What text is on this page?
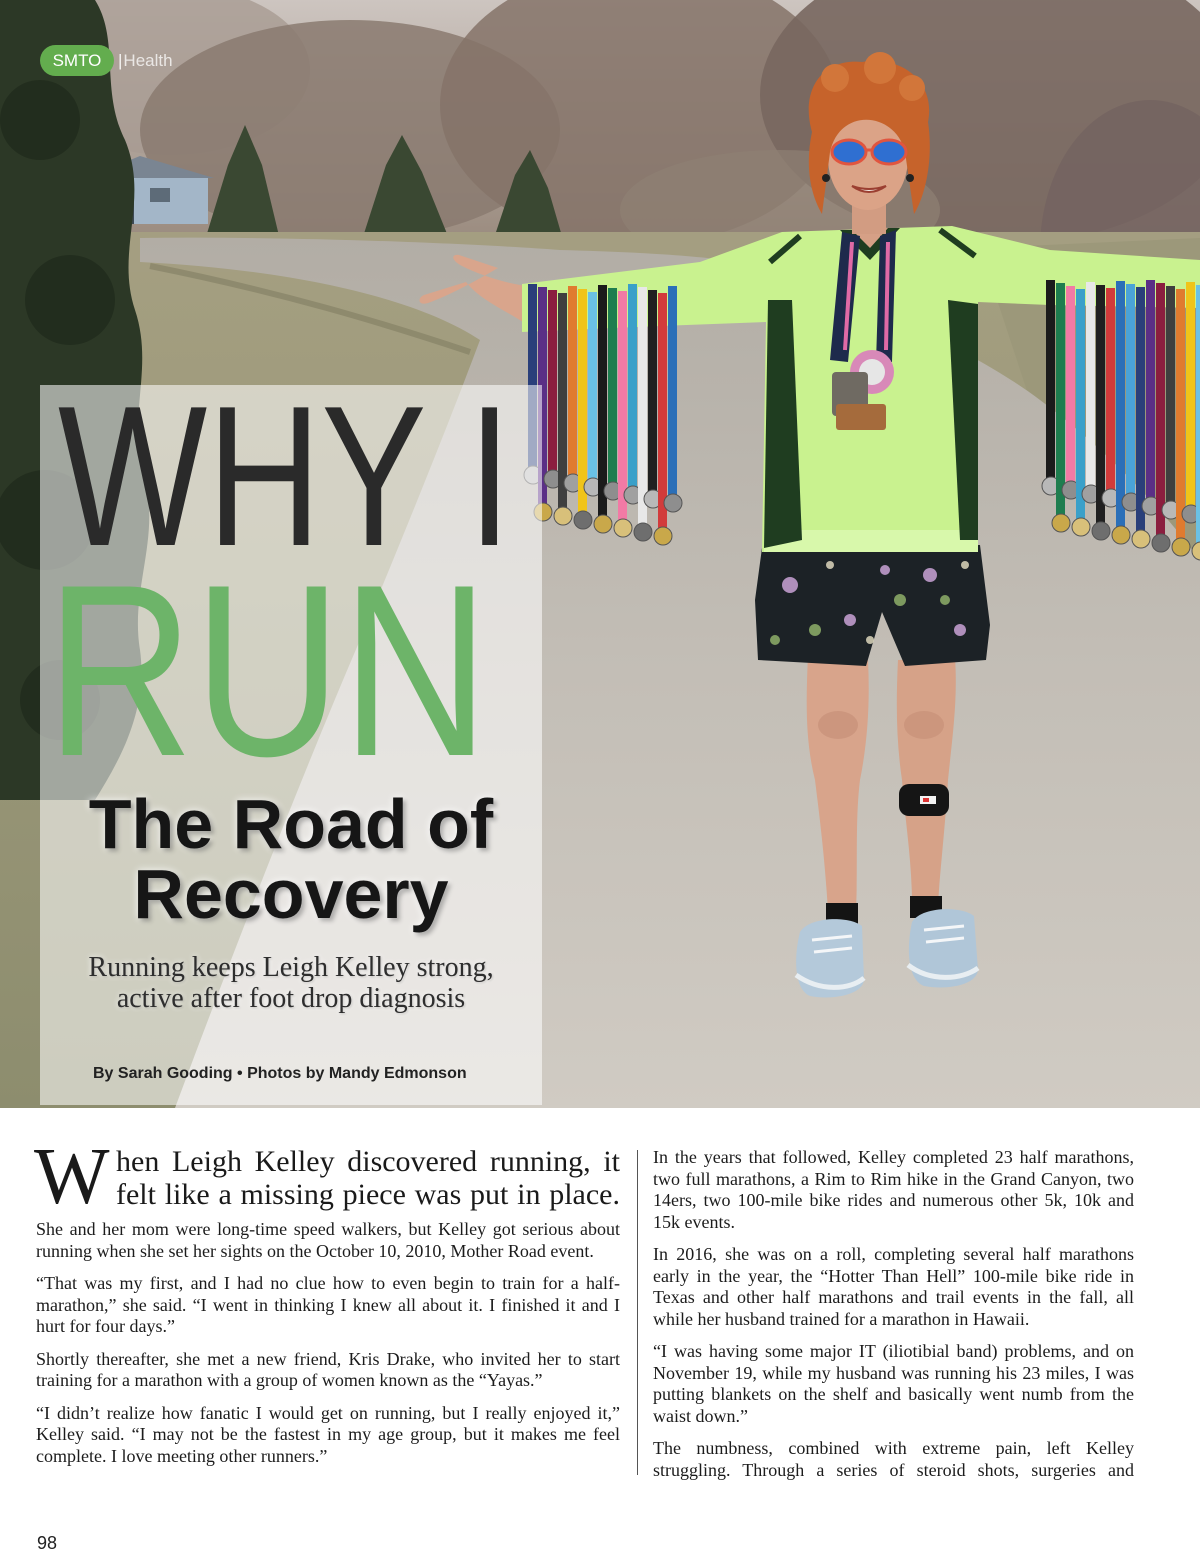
SMTO | Health
WHY I
RUN
The Road of
Recovery
Running keeps Leigh Kelley strong,
active after foot drop diagnosis
By Sarah Gooding • Photos by Mandy Edmonson
W hen Leigh Kelley discovered running, it
felt like a missing piece was put in place.

She and her mom were long-time speed walkers, but Kelley got serious about running when she set her sights on the October 10, 2010, Mother Road event.

“That was my first, and I had no clue how to even begin to train for a half-marathon,” she said. “I went in thinking I knew all about it. I finished it and I hurt for four days.”

Shortly thereafter, she met a new friend, Kris Drake, who invited her to start training for a marathon with a group of women known as the “Yayas.”

“I didn’t realize how fanatic I would get on running, but I really enjoyed it,” Kelley said. “I may not be the fastest in my age group, but it makes me feel complete. I love meeting other runners.”

In the years that followed, Kelley completed 23 half marathons, two full marathons, a Rim to Rim hike in the Grand Canyon, two 14ers, two 100-mile bike rides and numerous other 5k, 10k and 15k events.

In 2016, she was on a roll, completing several half marathons early in the year, the “Hotter Than Hell” 100-mile bike ride in Texas and other half marathons and trail events in the fall, all while her husband trained for a marathon in Hawaii.

“I was having some major IT (iliotibial band) problems, and on November 19, while my husband was running his 23 miles, I was putting blankets on the shelf and basically went numb from the waist down.”

The numbness, combined with extreme pain, left Kelley struggling. Through a series of steroid shots, surgeries and

98
